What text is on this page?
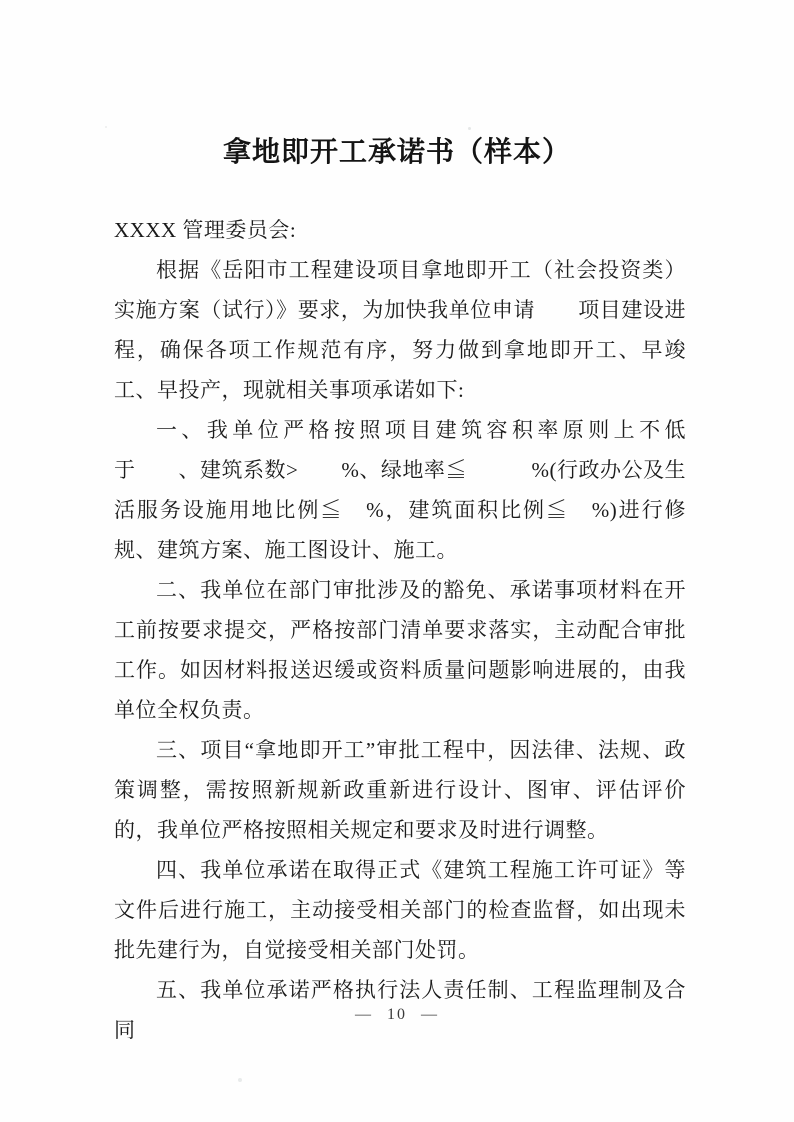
拿地即开工承诺书（样本）

XXXX 管理委员会:

根据《岳阳市工程建设项目拿地即开工（社会投资类）实施方案（试行）》要求，为加快我单位申请　　项目建设进程，确保各项工作规范有序，努力做到拿地即开工、早竣工、早投产，现就相关事项承诺如下:

一、我单位严格按照项目建筑容积率原则上不低于　　、建筑系数>　　%、绿地率≦　　　%(行政办公及生活服务设施用地比例≦　%，建筑面积比例≦　%)进行修规、建筑方案、施工图设计、施工。

二、我单位在部门审批涉及的豁免、承诺事项材料在开工前按要求提交，严格按部门清单要求落实，主动配合审批工作。如因材料报送迟缓或资料质量问题影响进展的，由我单位全权负责。

三、项目“拿地即开工”审批工程中，因法律、法规、政策调整，需按照新规新政重新进行设计、图审、评估评价的，我单位严格按照相关规定和要求及时进行调整。

四、我单位承诺在取得正式《建筑工程施工许可证》等文件后进行施工，主动接受相关部门的检查监督，如出现未批先建行为，自觉接受相关部门处罚。

五、我单位承诺严格执行法人责任制、工程监理制及合同

— 10 —
